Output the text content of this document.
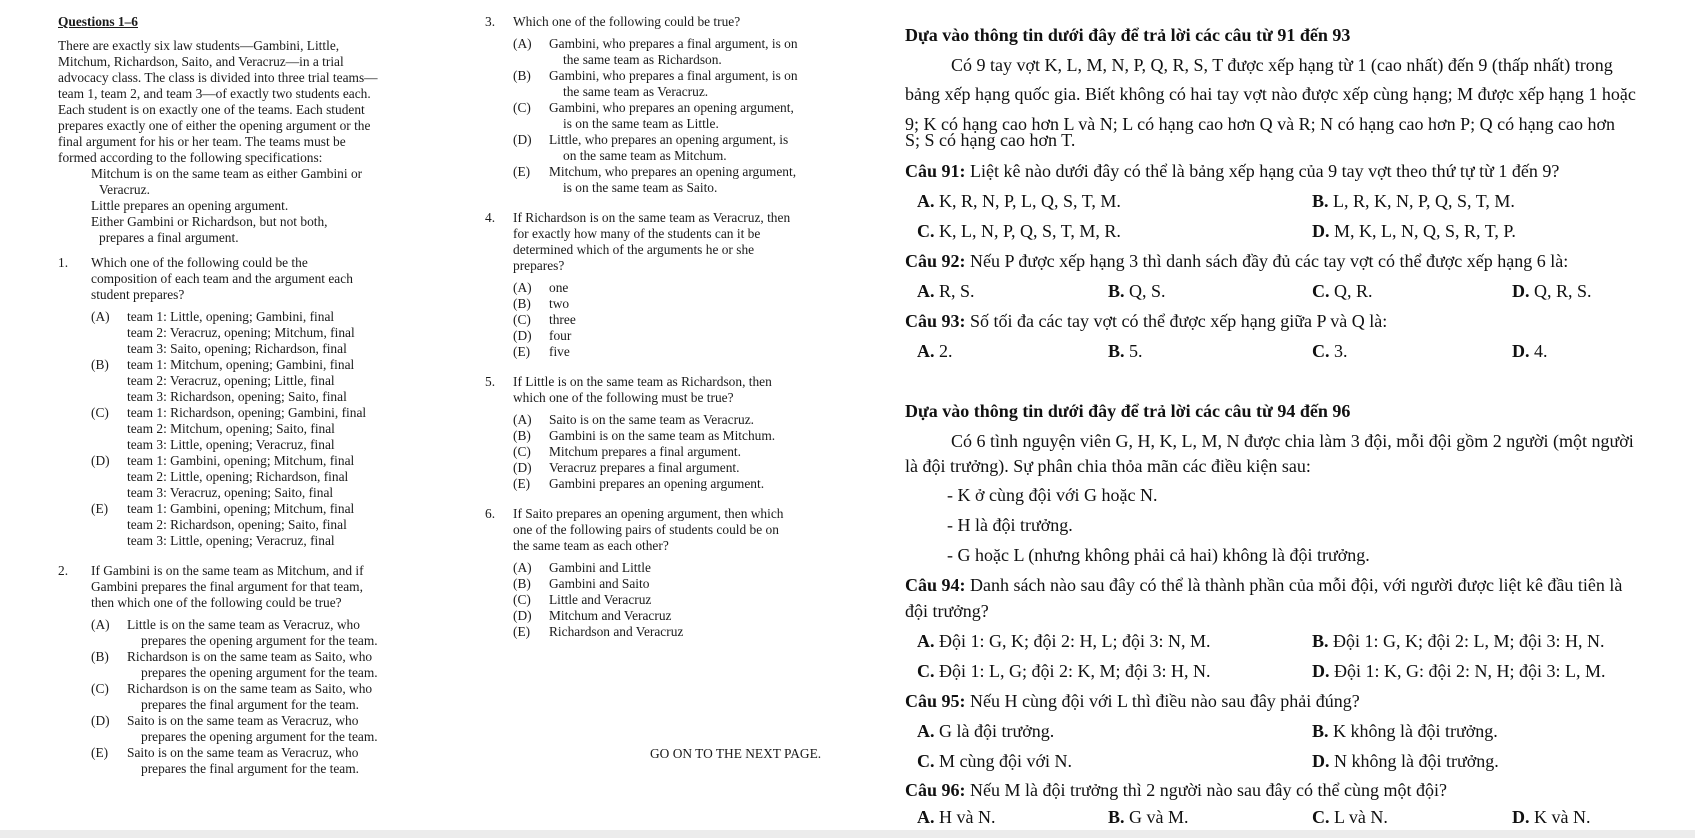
Questions 1–6
There are exactly six law students—Gambini, Little,
Mitchum, Richardson, Saito, and Veracruz—in a trial
advocacy class. The class is divided into three trial teams—
team 1, team 2, and team 3—of exactly two students each.
Each student is on exactly one of the teams. Each student
prepares exactly one of either the opening argument or the
final argument for his or her team. The teams must be
formed according to the following specifications:
Mitchum is on the same team as either Gambini or
Veracruz.
Little prepares an opening argument.
Either Gambini or Richardson, but not both,
prepares a final argument.
1.	Which one of the following could be the
composition of each team and the argument each
student prepares?
(A)	team 1: Little, opening; Gambini, final
team 2: Veracruz, opening; Mitchum, final
team 3: Saito, opening; Richardson, final
(B)	team 1: Mitchum, opening; Gambini, final
team 2: Veracruz, opening; Little, final
team 3: Richardson, opening; Saito, final
(C)	team 1: Richardson, opening; Gambini, final
team 2: Mitchum, opening; Saito, final
team 3: Little, opening; Veracruz, final
(D)	team 1: Gambini, opening; Mitchum, final
team 2: Little, opening; Richardson, final
team 3: Veracruz, opening; Saito, final
(E)	team 1: Gambini, opening; Mitchum, final
team 2: Richardson, opening; Saito, final
team 3: Little, opening; Veracruz, final
2.	If Gambini is on the same team as Mitchum, and if
Gambini prepares the final argument for that team,
then which one of the following could be true?
(A)	Little is on the same team as Veracruz, who
prepares the opening argument for the team.
(B)	Richardson is on the same team as Saito, who
prepares the opening argument for the team.
(C)	Richardson is on the same team as Saito, who
prepares the final argument for the team.
(D)	Saito is on the same team as Veracruz, who
prepares the opening argument for the team.
(E)	Saito is on the same team as Veracruz, who
prepares the final argument for the team.
3.	Which one of the following could be true?
(A)	Gambini, who prepares a final argument, is on
the same team as Richardson.
(B)	Gambini, who prepares a final argument, is on
the same team as Veracruz.
(C)	Gambini, who prepares an opening argument,
is on the same team as Little.
(D)	Little, who prepares an opening argument, is
on the same team as Mitchum.
(E)	Mitchum, who prepares an opening argument,
is on the same team as Saito.
4.	If Richardson is on the same team as Veracruz, then
for exactly how many of the students can it be
determined which of the arguments he or she
prepares?
(A)	one
(B)	two
(C)	three
(D)	four
(E)	five
5.	If Little is on the same team as Richardson, then
which one of the following must be true?
(A)	Saito is on the same team as Veracruz.
(B)	Gambini is on the same team as Mitchum.
(C)	Mitchum prepares a final argument.
(D)	Veracruz prepares a final argument.
(E)	Gambini prepares an opening argument.
6.	If Saito prepares an opening argument, then which
one of the following pairs of students could be on
the same team as each other?
(A)	Gambini and Little
(B)	Gambini and Saito
(C)	Little and Veracruz
(D)	Mitchum and Veracruz
(E)	Richardson and Veracruz
GO ON TO THE NEXT PAGE.
Dựa vào thông tin dưới đây để trả lời các câu từ 91 đến 93
Có 9 tay vợt K, L, M, N, P, Q, R, S, T được xếp hạng từ 1 (cao nhất) đến 9 (thấp nhất) trong
bảng xếp hạng quốc gia. Biết không có hai tay vợt nào được xếp cùng hạng; M được xếp hạng 1 hoặc
9; K có hạng cao hơn L và N; L có hạng cao hơn Q và R; N có hạng cao hơn P; Q có hạng cao hơn
S; S có hạng cao hơn T.
Câu 91: Liệt kê nào dưới đây có thể là bảng xếp hạng của 9 tay vợt theo thứ tự từ 1 đến 9?
A. K, R, N, P, L, Q, S, T, M.	B. L, R, K, N, P, Q, S, T, M.
C. K, L, N, P, Q, S, T, M, R.	D. M, K, L, N, Q, S, R, T, P.
Câu 92: Nếu P được xếp hạng 3 thì danh sách đầy đủ các tay vợt có thể được xếp hạng 6 là:
A. R, S.	B. Q, S.	C. Q, R.	D. Q, R, S.
Câu 93: Số tối đa các tay vợt có thể được xếp hạng giữa P và Q là:
A. 2.	B. 5.	C. 3.	D. 4.
Dựa vào thông tin dưới đây để trả lời các câu từ 94 đến 96
Có 6 tình nguyện viên G, H, K, L, M, N được chia làm 3 đội, mỗi đội gồm 2 người (một người
là đội trưởng). Sự phân chia thỏa mãn các điều kiện sau:
- K ở cùng đội với G hoặc N.
- H là đội trưởng.
- G hoặc L (nhưng không phải cả hai) không là đội trưởng.
Câu 94: Danh sách nào sau đây có thể là thành phần của mỗi đội, với người được liệt kê đầu tiên là
đội trưởng?
A. Đội 1: G, K; đội 2: H, L; đội 3: N, M.	B. Đội 1: G, K; đội 2: L, M; đội 3: H, N.
C. Đội 1: L, G; đội 2: K, M; đội 3: H, N.	D. Đội 1: K, G: đội 2: N, H; đội 3: L, M.
Câu 95: Nếu H cùng đội với L thì điều nào sau đây phải đúng?
A. G là đội trưởng.	B. K không là đội trưởng.
C. M cùng đội với N.	D. N không là đội trưởng.
Câu 96: Nếu M là đội trưởng thì 2 người nào sau đây có thể cùng một đội?
A. H và N.	B. G và M.	C. L và N.	D. K và N.
